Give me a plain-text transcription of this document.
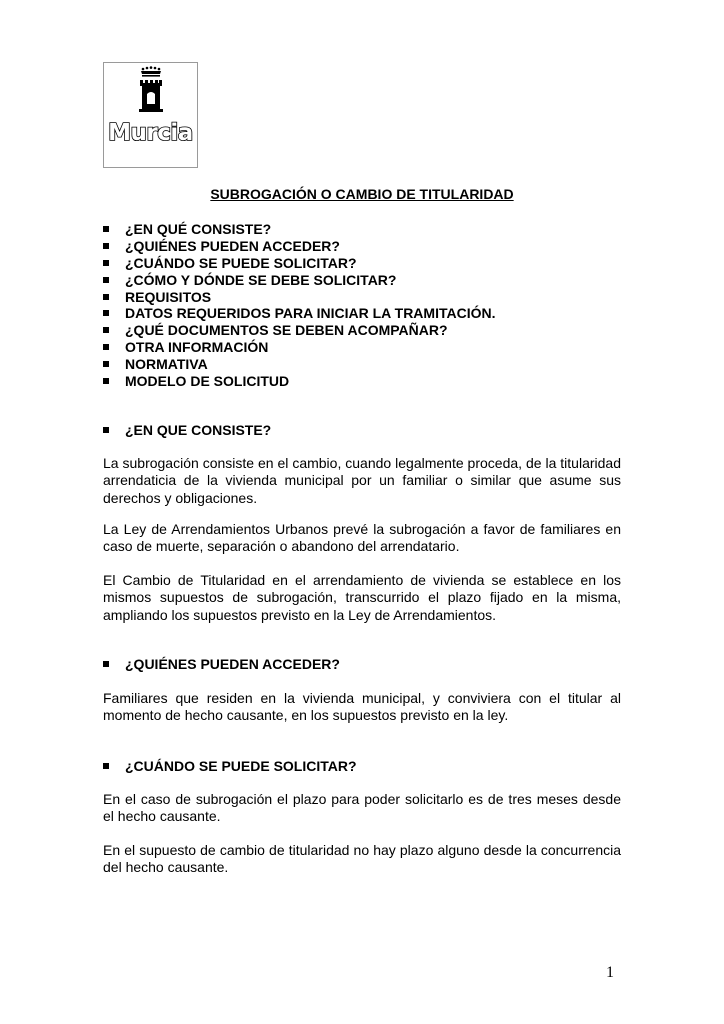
Murcia
SUBROGACIÓN O CAMBIO DE TITULARIDAD
¿EN QUÉ CONSISTE?
¿QUIÉNES PUEDEN ACCEDER?
¿CUÁNDO SE PUEDE SOLICITAR?
¿CÓMO Y DÓNDE SE DEBE SOLICITAR?
REQUISITOS
DATOS REQUERIDOS PARA INICIAR LA TRAMITACIÓN.
¿QUÉ DOCUMENTOS SE DEBEN ACOMPAÑAR?
OTRA INFORMACIÓN
NORMATIVA
MODELO DE SOLICITUD
¿EN QUE CONSISTE?

La subrogación consiste en el cambio, cuando legalmente proceda, de la titularidad arrendaticia de la vivienda municipal por un familiar o similar que asume sus derechos y obligaciones.

La Ley de Arrendamientos Urbanos prevé la subrogación a favor de familiares en caso de muerte, separación o abandono del arrendatario.

El Cambio de Titularidad en el arrendamiento de vivienda se establece en los mismos supuestos de subrogación, transcurrido el plazo fijado en la misma, ampliando los supuestos previsto en la Ley de Arrendamientos.

¿QUIÉNES PUEDEN ACCEDER?

Familiares que residen en la vivienda municipal, y conviviera con el titular al momento de hecho causante, en los supuestos previsto en la ley.

¿CUÁNDO SE PUEDE SOLICITAR?

En el caso de subrogación el plazo para poder solicitarlo es de tres meses desde el hecho causante.

En el supuesto de cambio de titularidad no hay plazo alguno desde la concurrencia del hecho causante.

1
